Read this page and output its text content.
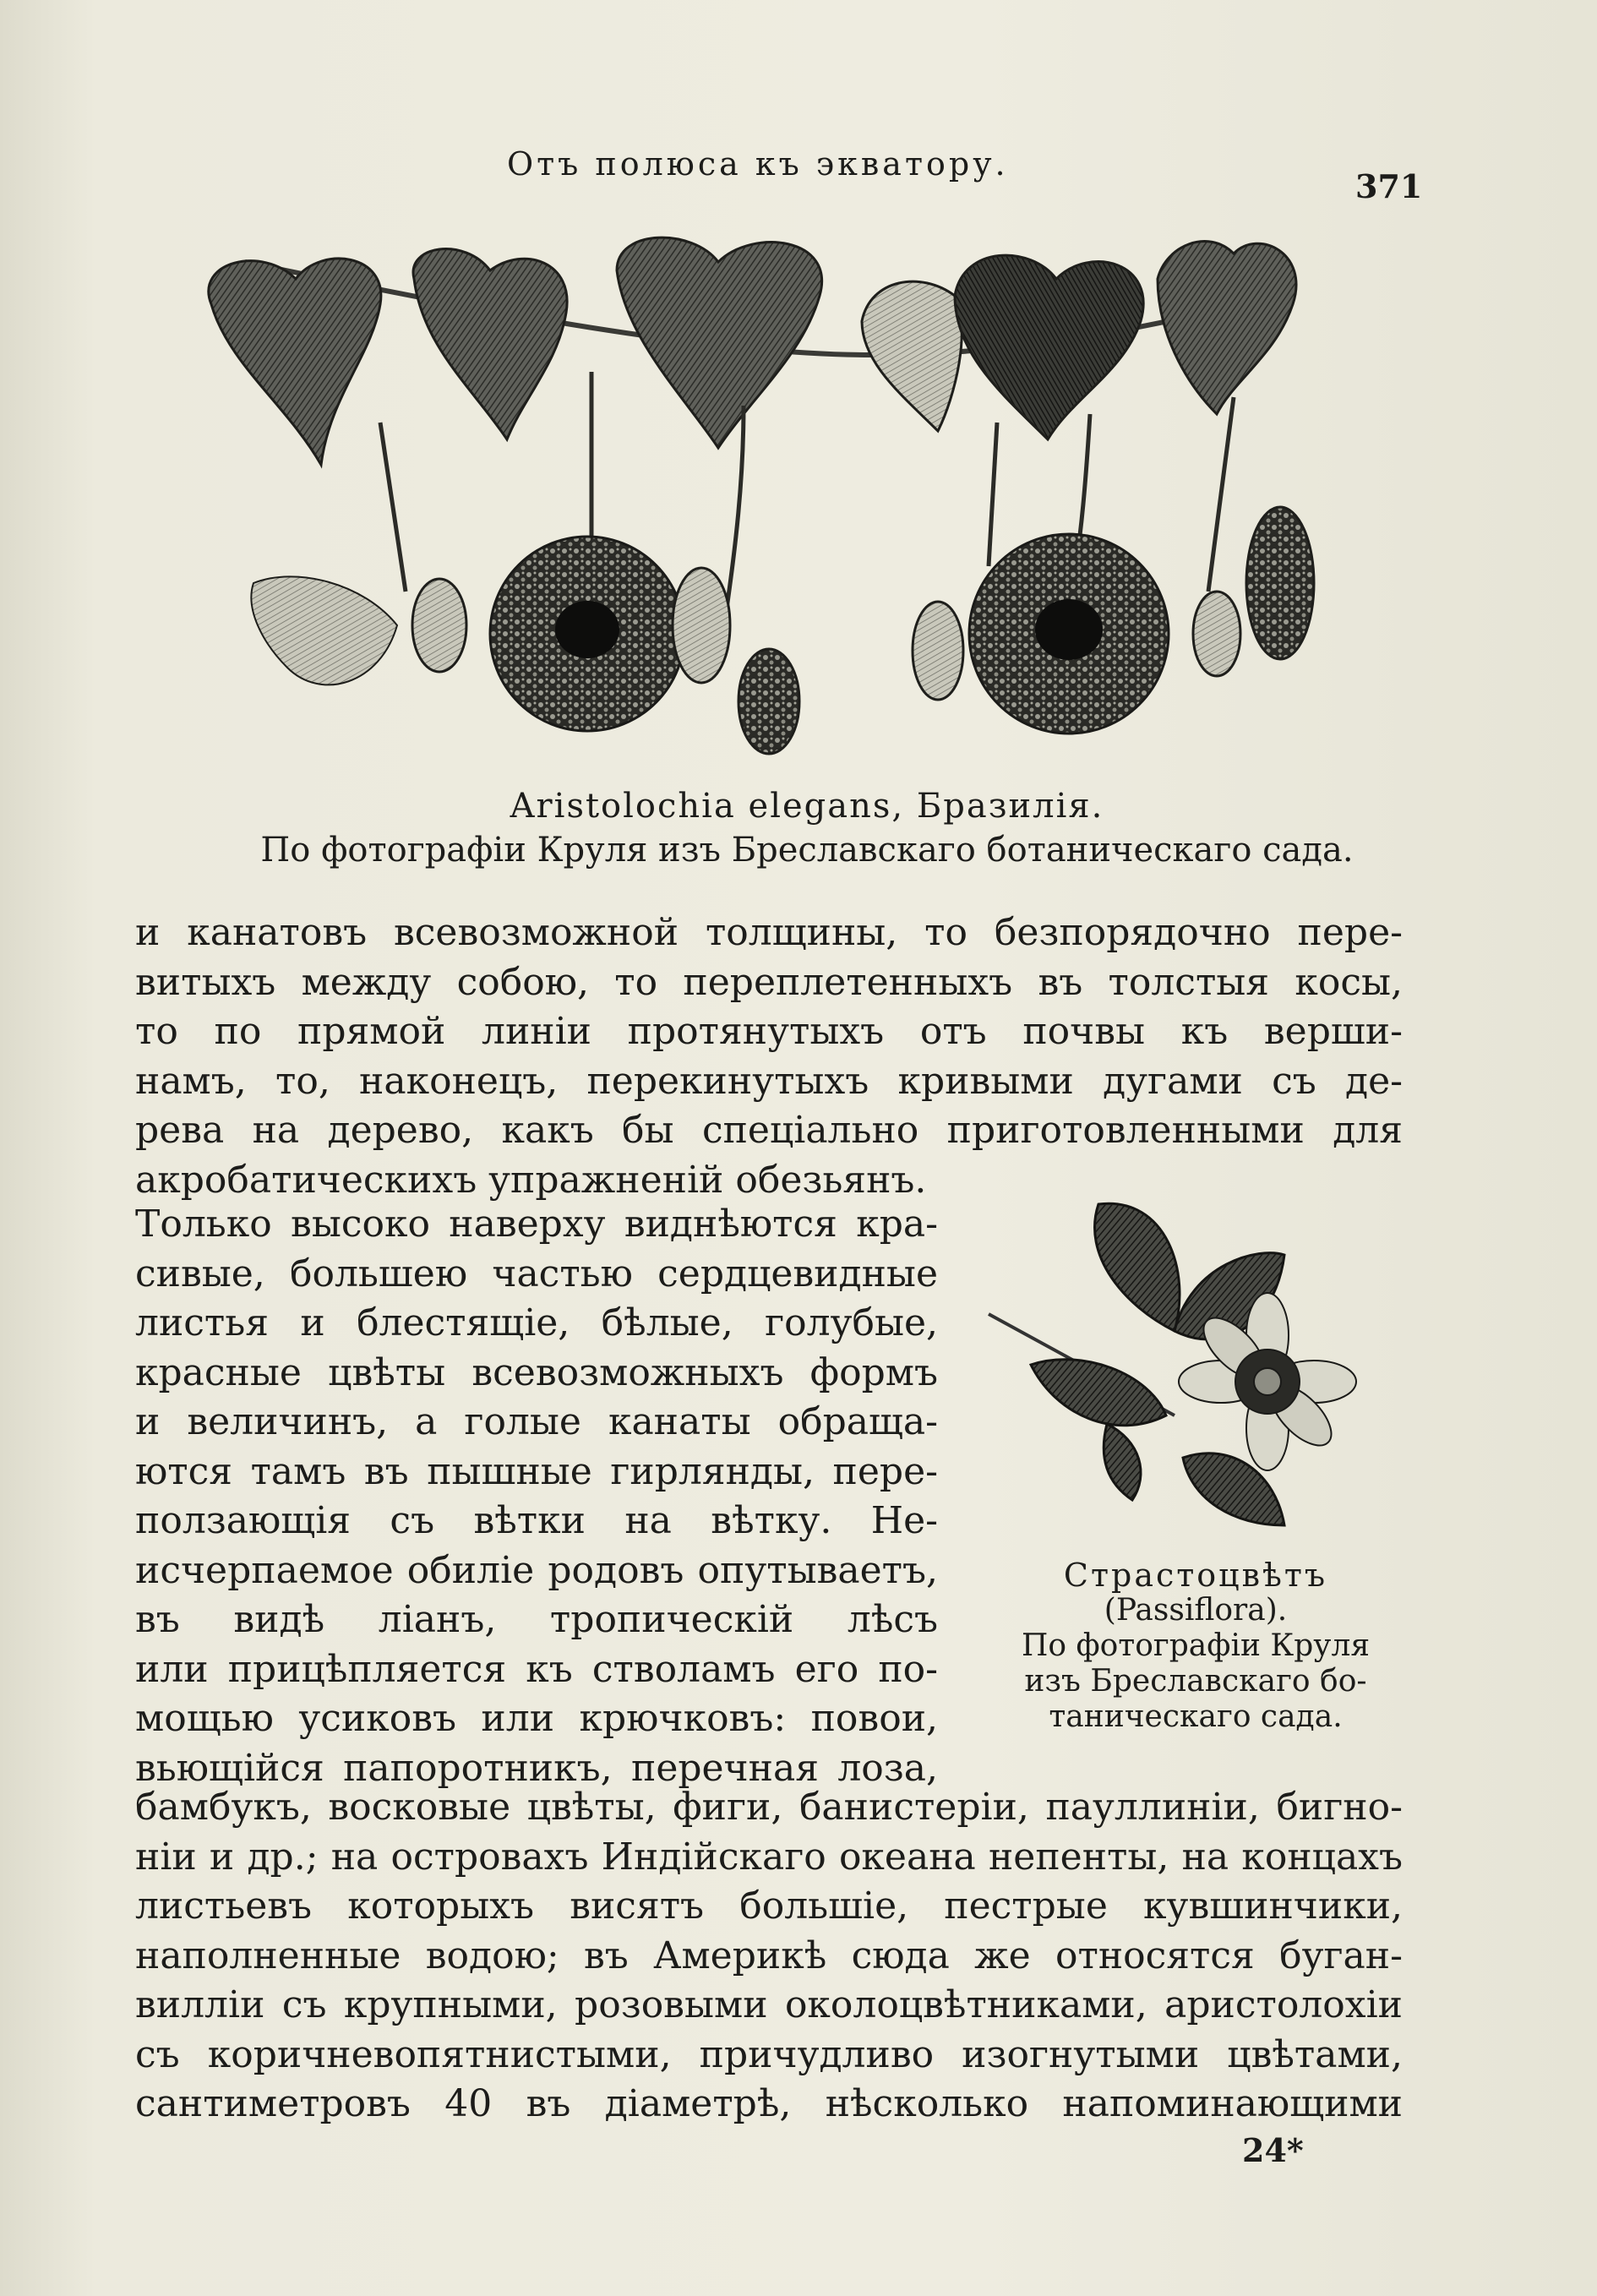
Отъ полюса къ экватору.
371
Aristolochia elegans, Бразилія.
По фотографіи Круля изъ Бреславскаго ботаническаго сада.
и канатовъ всевозможной толщины, то безпорядочно пере-
витыхъ между собою, то переплетенныхъ въ толстыя косы,
то по прямой линіи протянутыхъ отъ почвы къ верши-
намъ, то, наконецъ, перекинутыхъ кривыми дугами съ де-
рева на дерево, какъ бы спеціально приготовленными для
акробатическихъ упражненій обезьянъ.
Только высоко наверху виднѣются кра-
сивые, большею частью сердцевидные
листья и блестящіе, бѣлые, голубые,
красные цвѣты всевозможныхъ формъ
и величинъ, а голые канаты обраща-
ются тамъ въ пышные гирлянды, пере-
ползающія съ вѣтки на вѣтку. Не-
исчерпаемое обиліе родовъ опутываетъ,
въ видѣ ліанъ, тропическій лѣсъ
или прицѣпляется къ стволамъ его по-
мощью усиковъ или крючковъ: повои,
вьющійся папоротникъ, перечная лоза,
Страстоцвѣтъ
(Passiflora).
По фотографіи Круля
изъ Бреславскаго бо-
таническаго сада.
бамбукъ, восковые цвѣты, фиги, банистеріи, пауллиніи, бигно-
ніи и др.; на островахъ Индійскаго океана непенты, на концахъ
листьевъ которыхъ висятъ большіе, пестрые кувшинчики,
наполненные водою; въ Америкѣ сюда же относятся буган-
вилліи съ крупными, розовыми околоцвѣтниками, аристолохіи
съ коричневопятнистыми, причудливо изогнутыми цвѣтами,
сантиметровъ 40 въ діаметрѣ, нѣсколько напоминающими
24*
